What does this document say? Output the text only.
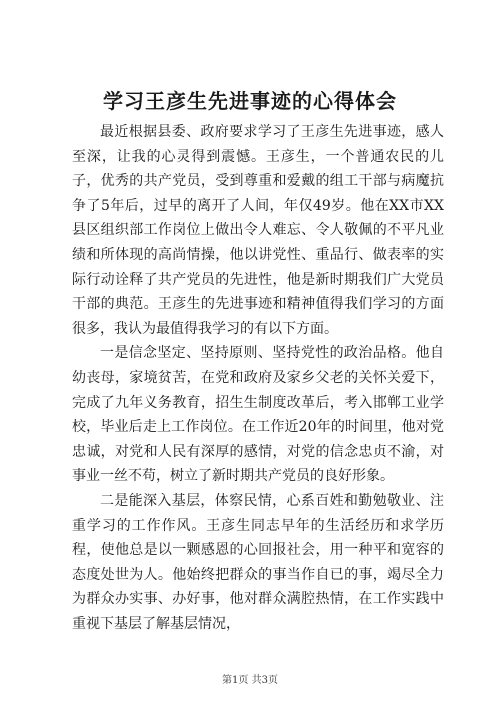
学习王彦生先进事迹的心得体会

最近根据县委、政府要求学习了王彦生先进事迹，感人至深，让我的心灵得到震憾。王彦生，一个普通农民的儿子，优秀的共产党员，受到尊重和爱戴的组工干部与病魔抗争了5年后，过早的离开了人间，年仅49岁。他在XX市XX县区组织部工作岗位上做出令人难忘、令人敬佩的不平凡业绩和所体现的高尚情操，他以讲党性、重品行、做表率的实际行动诠释了共产党员的先进性，他是新时期我们广大党员干部的典范。王彦生的先进事迹和精神值得我们学习的方面很多，我认为最值得我学习的有以下方面。

一是信念坚定、坚持原则、坚持党性的政治品格。他自幼丧母，家境贫苦，在党和政府及家乡父老的关怀关爱下，完成了九年义务教育，招生生制度改革后，考入邯郸工业学校，毕业后走上工作岗位。在工作近20年的时间里，他对党忠诚，对党和人民有深厚的感情，对党的信念忠贞不渝，对事业一丝不苟，树立了新时期共产党员的良好形象。

二是能深入基层，体察民情，心系百姓和勤勉敬业、注重学习的工作作风。王彦生同志早年的生活经历和求学历程，使他总是以一颗感恩的心回报社会，用一种平和宽容的态度处世为人。他始终把群众的事当作自已的事，竭尽全力为群众办实事、办好事，他对群众满腔热情，在工作实践中重视下基层了解基层情况，

第1页 共3页
